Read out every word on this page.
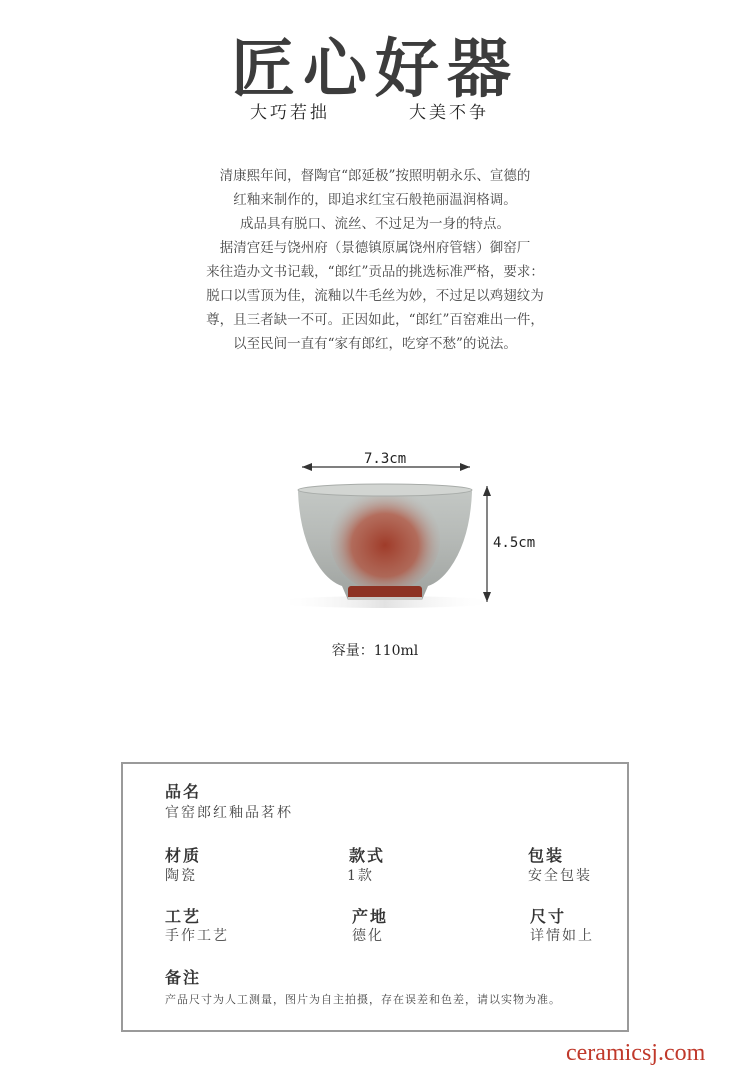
匠心好器
大巧若拙	大美不争
清康熙年间，督陶官“郎延极”按照明朝永乐、宣德的
红釉来制作的，即追求红宝石般艳丽温润格调。
成品具有脱口、流丝、不过足为一身的特点。
据清宫廷与饶州府（景德镇原属饶州府管辖）御窑厂
来往造办文书记载，“郎红”贡品的挑选标准严格，要求：
脱口以雪顶为佳，流釉以牛毛丝为妙，不过足以鸡翅纹为
尊，且三者缺一不可。正因如此，“郎红”百窑难出一件，
以至民间一直有“家有郎红，吃穿不愁”的说法。
7.3cm
4.5cm
容量：110ml
品名
官窑郎红釉品茗杯
材质
陶瓷
款式
1款
包装
安全包装
工艺
手作工艺
产地
德化
尺寸
详情如上
备注
产品尺寸为人工测量，图片为自主拍摄，存在误差和色差，请以实物为准。
ceramicsj.com
